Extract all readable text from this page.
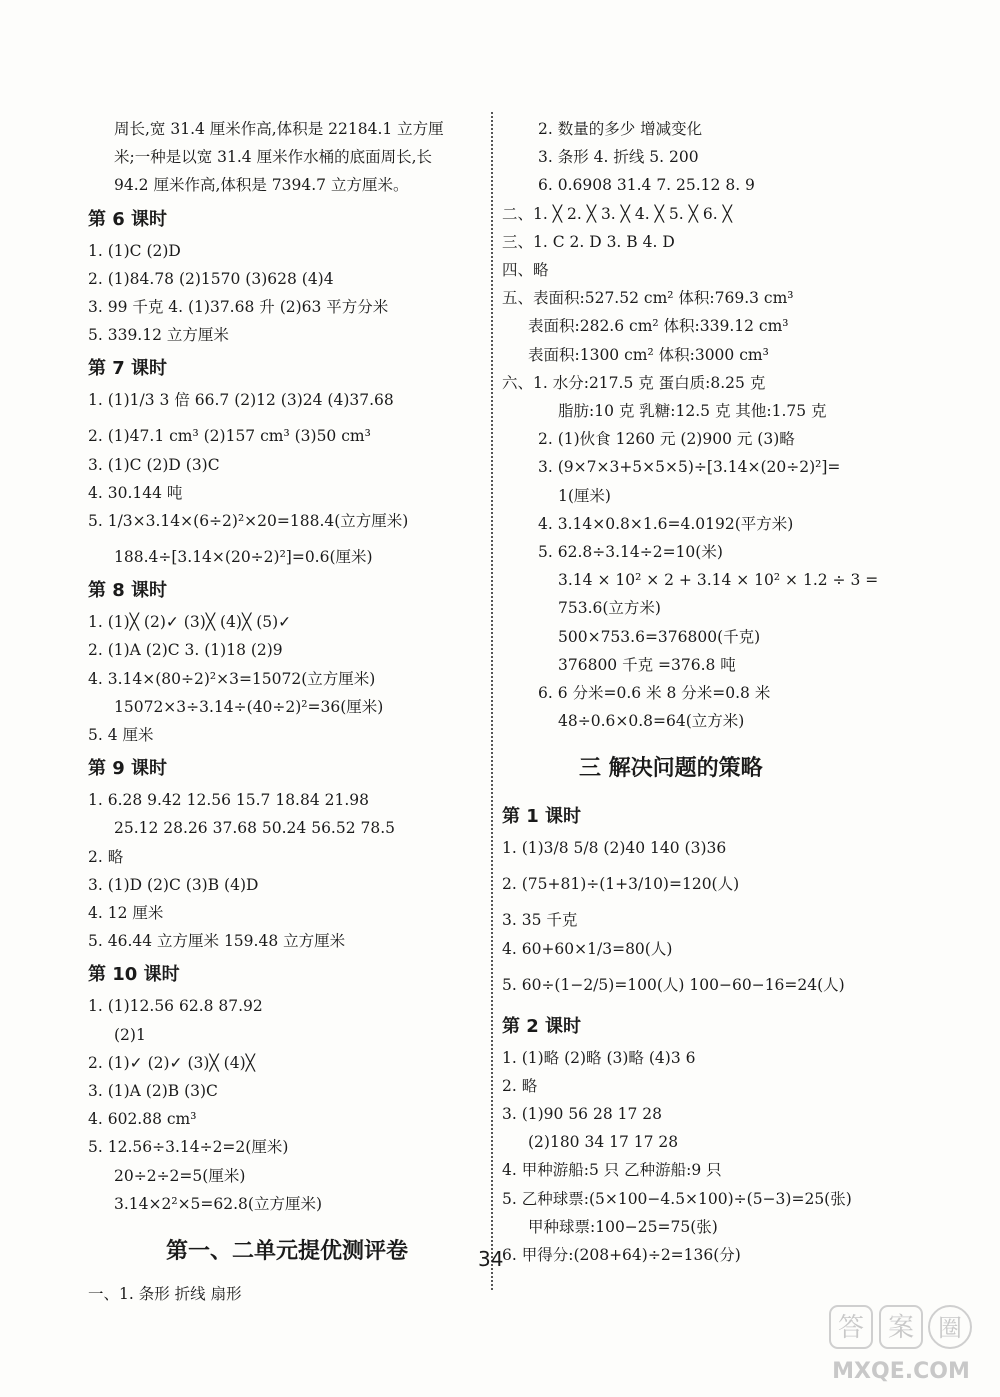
周长,宽 31.4 厘米作高,体积是 22184.1 立方厘
米;一种是以宽 31.4 厘米作水桶的底面周长,长
94.2 厘米作高,体积是 7394.7 立方厘米。
第 6 课时
1. (1)C (2)D
2. (1)84.78 (2)1570 (3)628 (4)4
3. 99 千克 4. (1)37.68 升 (2)63 平方分米
5. 339.12 立方厘米
第 7 课时
1. (1)1/3 3 倍 66.7 (2)12 (3)24 (4)37.68
2. (1)47.1 cm³ (2)157 cm³ (3)50 cm³
3. (1)C (2)D (3)C
4. 30.144 吨
5. 1/3×3.14×(6÷2)²×20=188.4(立方厘米)
188.4÷[3.14×(20÷2)²]=0.6(厘米)
第 8 课时
1. (1)╳ (2)✓ (3)╳ (4)╳ (5)✓
2. (1)A (2)C 3. (1)18 (2)9
4. 3.14×(80÷2)²×3=15072(立方厘米)
15072×3÷3.14÷(40÷2)²=36(厘米)
5. 4 厘米
第 9 课时
1. 6.28 9.42 12.56 15.7 18.84 21.98
25.12 28.26 37.68 50.24 56.52 78.5
2. 略
3. (1)D (2)C (3)B (4)D
4. 12 厘米
5. 46.44 立方厘米 159.48 立方厘米
第 10 课时
1. (1)12.56 62.8 87.92
(2)1
2. (1)✓ (2)✓ (3)╳ (4)╳
3. (1)A (2)B (3)C
4. 602.88 cm³
5. 12.56÷3.14÷2=2(厘米)
20÷2÷2=5(厘米)
3.14×2²×5=62.8(立方厘米)
第一、二单元提优测评卷
一、1. 条形 折线 扇形
2. 数量的多少 增减变化
3. 条形 4. 折线 5. 200
6. 0.6908 31.4 7. 25.12 8. 9
二、1. ╳ 2. ╳ 3. ╳ 4. ╳ 5. ╳ 6. ╳
三、1. C 2. D 3. B 4. D
四、略
五、表面积:527.52 cm² 体积:769.3 cm³
表面积:282.6 cm² 体积:339.12 cm³
表面积:1300 cm² 体积:3000 cm³
六、1. 水分:217.5 克 蛋白质:8.25 克
脂肪:10 克 乳糖:12.5 克 其他:1.75 克
2. (1)伙食 1260 元 (2)900 元 (3)略
3. (9×7×3+5×5×5)÷[3.14×(20÷2)²]=
1(厘米)
4. 3.14×0.8×1.6=4.0192(平方米)
5. 62.8÷3.14÷2=10(米)
3.14 × 10² × 2 + 3.14 × 10² × 1.2 ÷ 3 =
753.6(立方米)
500×753.6=376800(千克)
376800 千克 =376.8 吨
6. 6 分米=0.6 米 8 分米=0.8 米
48÷0.6×0.8=64(立方米)
三 解决问题的策略
第 1 课时
1. (1)3/8 5/8 (2)40 140 (3)36
2. (75+81)÷(1+3/10)=120(人)
3. 35 千克
4. 60+60×1/3=80(人)
5. 60÷(1−2/5)=100(人) 100−60−16=24(人)
第 2 课时
1. (1)略 (2)略 (3)略 (4)3 6
2. 略
3. (1)90 56 28 17 28
(2)180 34 17 17 28
4. 甲种游船:5 只 乙种游船:9 只
5. 乙种球票:(5×100−4.5×100)÷(5−3)=25(张)
甲种球票:100−25=75(张)
6. 甲得分:(208+64)÷2=136(分)
34
答 案 圈
MXQE.COM
